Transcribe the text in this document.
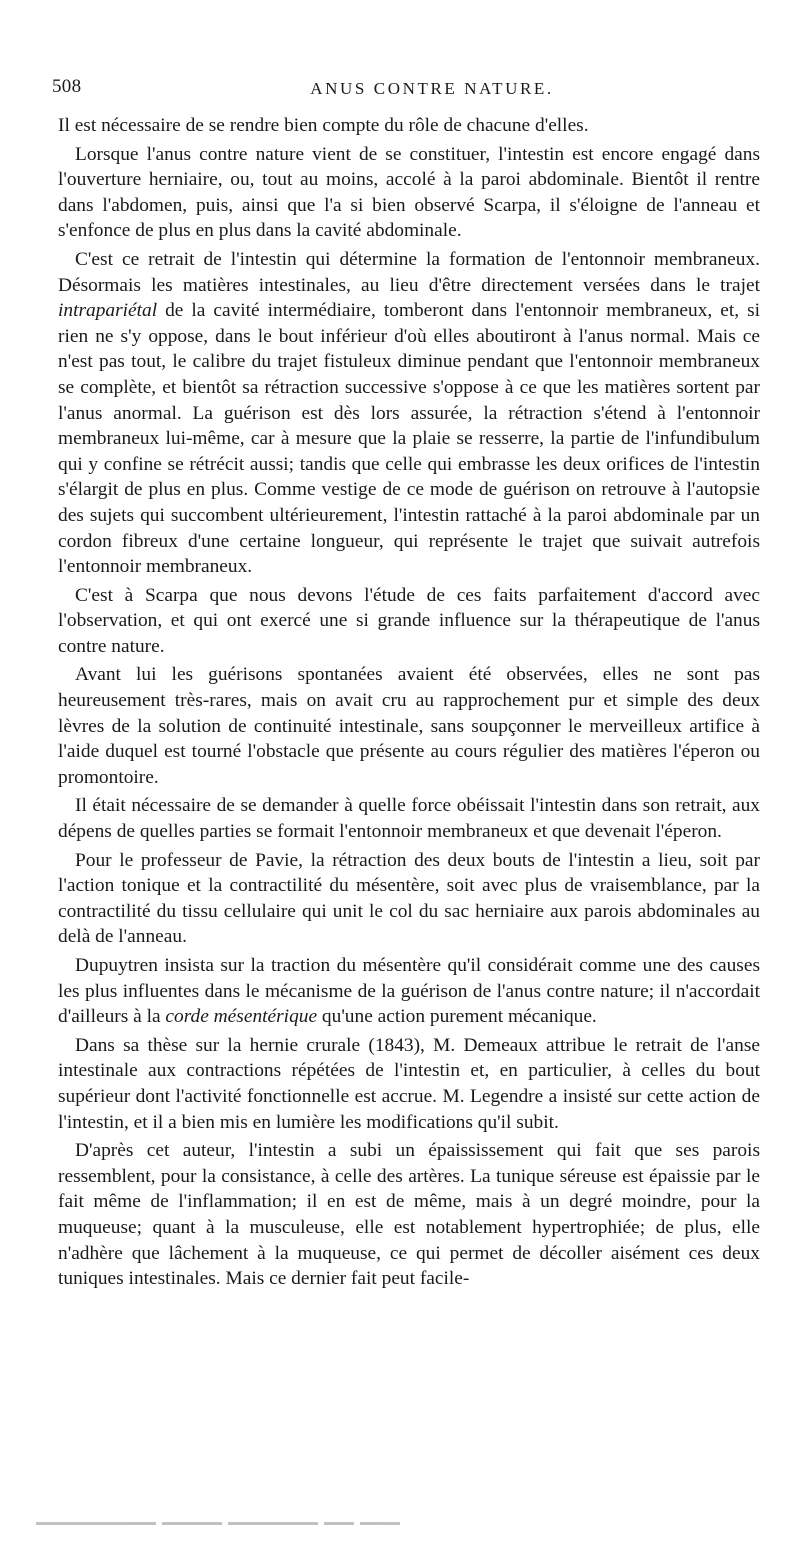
508	ANUS CONTRE NATURE.

Il est nécessaire de se rendre bien compte du rôle de chacune d'elles.

Lorsque l'anus contre nature vient de se constituer, l'intestin est encore engagé dans l'ouverture herniaire, ou, tout au moins, accolé à la paroi abdominale. Bientôt il rentre dans l'abdomen, puis, ainsi que l'a si bien observé Scarpa, il s'éloigne de l'anneau et s'enfonce de plus en plus dans la cavité abdominale.

C'est ce retrait de l'intestin qui détermine la formation de l'entonnoir membraneux. Désormais les matières intestinales, au lieu d'être directement versées dans le trajet intrapariétal de la cavité intermédiaire, tomberont dans l'entonnoir membraneux, et, si rien ne s'y oppose, dans le bout inférieur d'où elles aboutiront à l'anus normal. Mais ce n'est pas tout, le calibre du trajet fistuleux diminue pendant que l'entonnoir membraneux se complète, et bientôt sa rétraction successive s'oppose à ce que les matières sortent par l'anus anormal. La guérison est dès lors assurée, la rétraction s'étend à l'entonnoir membraneux lui-même, car à mesure que la plaie se resserre, la partie de l'infundibulum qui y confine se rétrécit aussi; tandis que celle qui embrasse les deux orifices de l'intestin s'élargit de plus en plus. Comme vestige de ce mode de guérison on retrouve à l'autopsie des sujets qui succombent ultérieurement, l'intestin rattaché à la paroi abdominale par un cordon fibreux d'une certaine longueur, qui représente le trajet que suivait autrefois l'entonnoir membraneux.

C'est à Scarpa que nous devons l'étude de ces faits parfaitement d'accord avec l'observation, et qui ont exercé une si grande influence sur la thérapeutique de l'anus contre nature.

Avant lui les guérisons spontanées avaient été observées, elles ne sont pas heureusement très-rares, mais on avait cru au rapprochement pur et simple des deux lèvres de la solution de continuité intestinale, sans soupçonner le merveilleux artifice à l'aide duquel est tourné l'obstacle que présente au cours régulier des matières l'éperon ou promontoire.

Il était nécessaire de se demander à quelle force obéissait l'intestin dans son retrait, aux dépens de quelles parties se formait l'entonnoir membraneux et que devenait l'éperon.

Pour le professeur de Pavie, la rétraction des deux bouts de l'intestin a lieu, soit par l'action tonique et la contractilité du mésentère, soit avec plus de vraisemblance, par la contractilité du tissu cellulaire qui unit le col du sac herniaire aux parois abdominales au delà de l'anneau.

Dupuytren insista sur la traction du mésentère qu'il considérait comme une des causes les plus influentes dans le mécanisme de la guérison de l'anus contre nature; il n'accordait d'ailleurs à la corde mésentérique qu'une action purement mécanique.

Dans sa thèse sur la hernie crurale (1843), M. Demeaux attribue le retrait de l'anse intestinale aux contractions répétées de l'intestin et, en particulier, à celles du bout supérieur dont l'activité fonctionnelle est accrue. M. Legendre a insisté sur cette action de l'intestin, et il a bien mis en lumière les modifications qu'il subit.

D'après cet auteur, l'intestin a subi un épaississement qui fait que ses parois ressemblent, pour la consistance, à celle des artères. La tunique séreuse est épaissie par le fait même de l'inflammation; il en est de même, mais à un degré moindre, pour la muqueuse; quant à la musculeuse, elle est notablement hypertrophiée; de plus, elle n'adhère que lâchement à la muqueuse, ce qui permet de décoller aisément ces deux tuniques intestinales. Mais ce dernier fait peut facile-
